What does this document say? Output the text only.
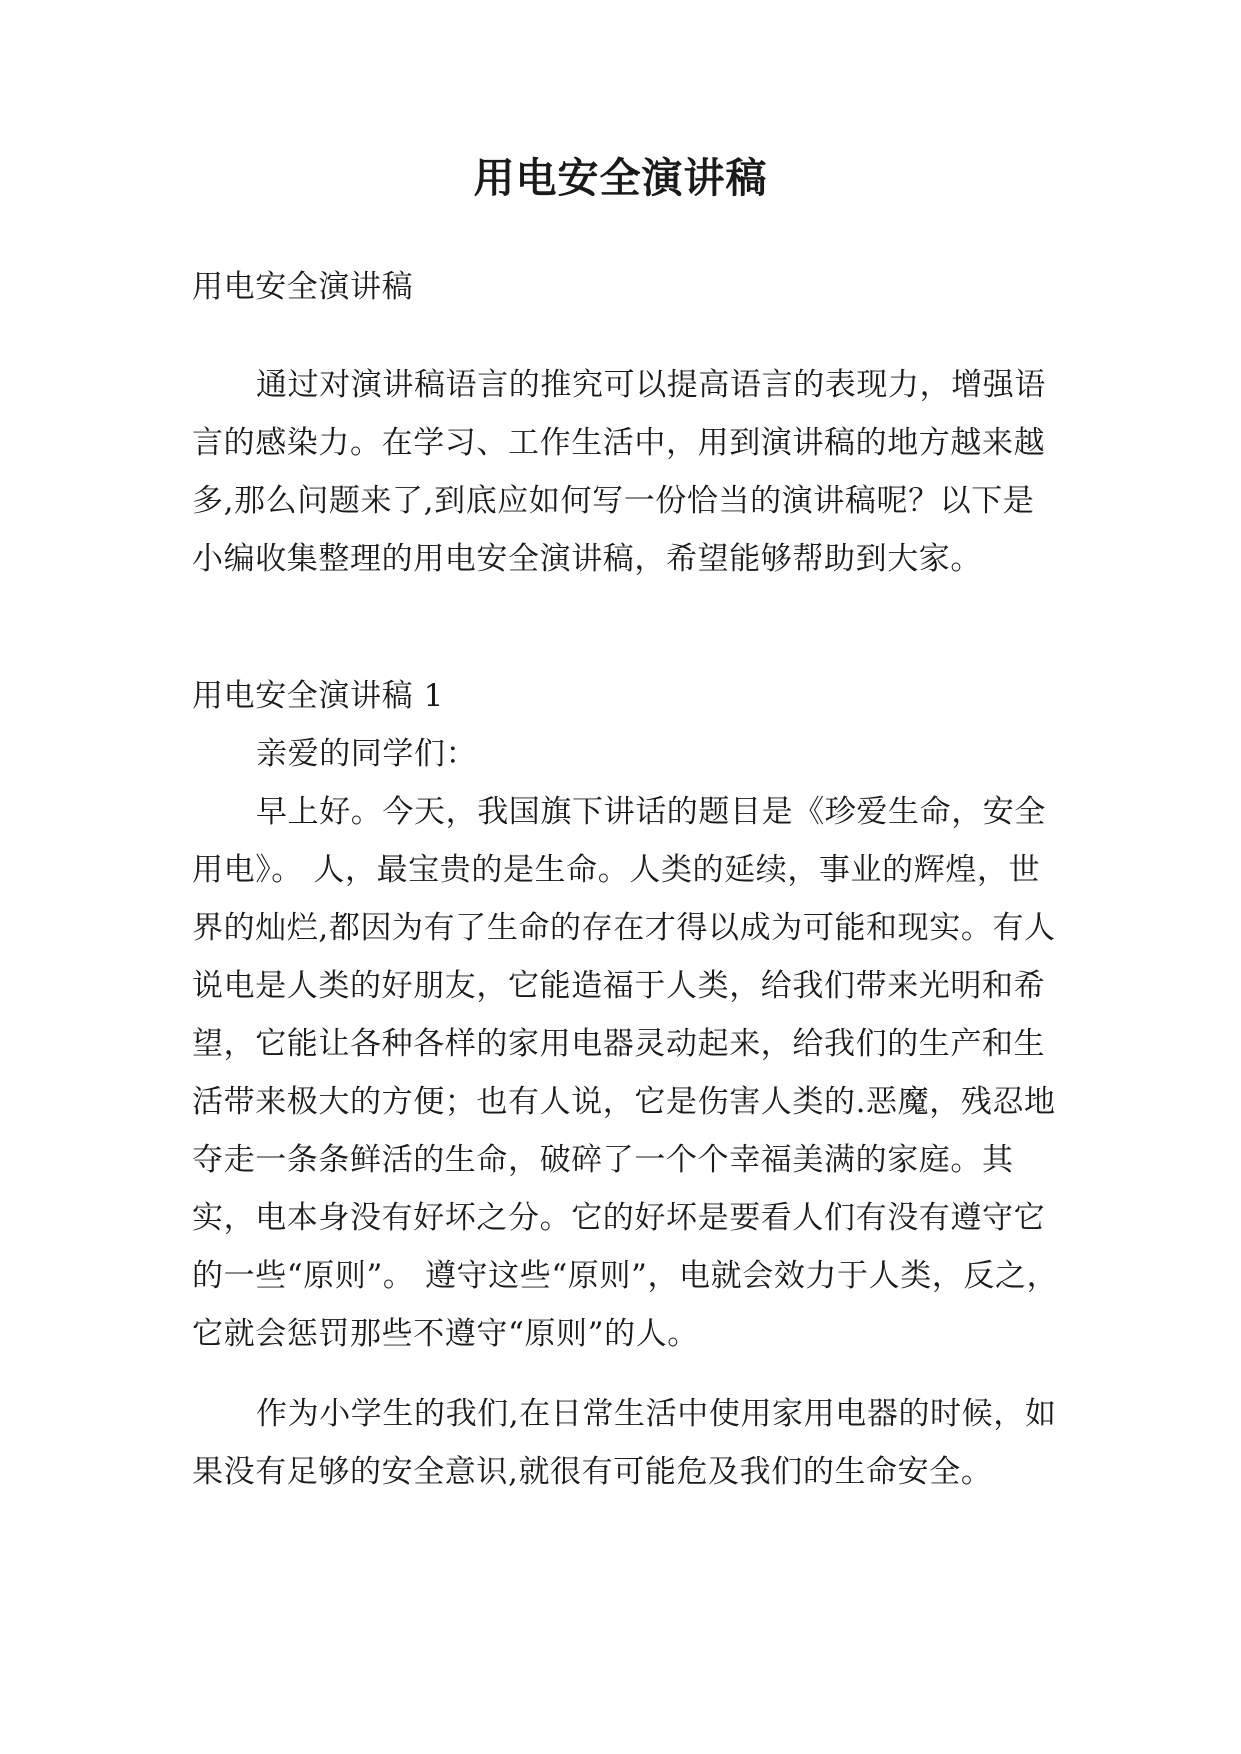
用电安全演讲稿

用电安全演讲稿

通过对演讲稿语言的推究可以提高语言的表现力，增强语言的感染力。在学习、工作生活中，用到演讲稿的地方越来越多,那么问题来了,到底应如何写一份恰当的演讲稿呢？以下是小编收集整理的用电安全演讲稿，希望能够帮助到大家。

用电安全演讲稿 1

亲爱的同学们：

早上好。今天，我国旗下讲话的题目是《珍爱生命，安全用电》。 人，最宝贵的是生命。人类的延续，事业的辉煌，世界的灿烂,都因为有了生命的存在才得以成为可能和现实。有人说电是人类的好朋友，它能造福于人类，给我们带来光明和希望，它能让各种各样的家用电器灵动起来，给我们的生产和生活带来极大的方便；也有人说，它是伤害人类的.恶魔，残忍地夺走一条条鲜活的生命，破碎了一个个幸福美满的家庭。其实，电本身没有好坏之分。它的好坏是要看人们有没有遵守它的一些“原则”。 遵守这些“原则”，电就会效力于人类，反之，它就会惩罚那些不遵守“原则”的人。

作为小学生的我们,在日常生活中使用家用电器的时候，如果没有足够的安全意识,就很有可能危及我们的生命安全。
